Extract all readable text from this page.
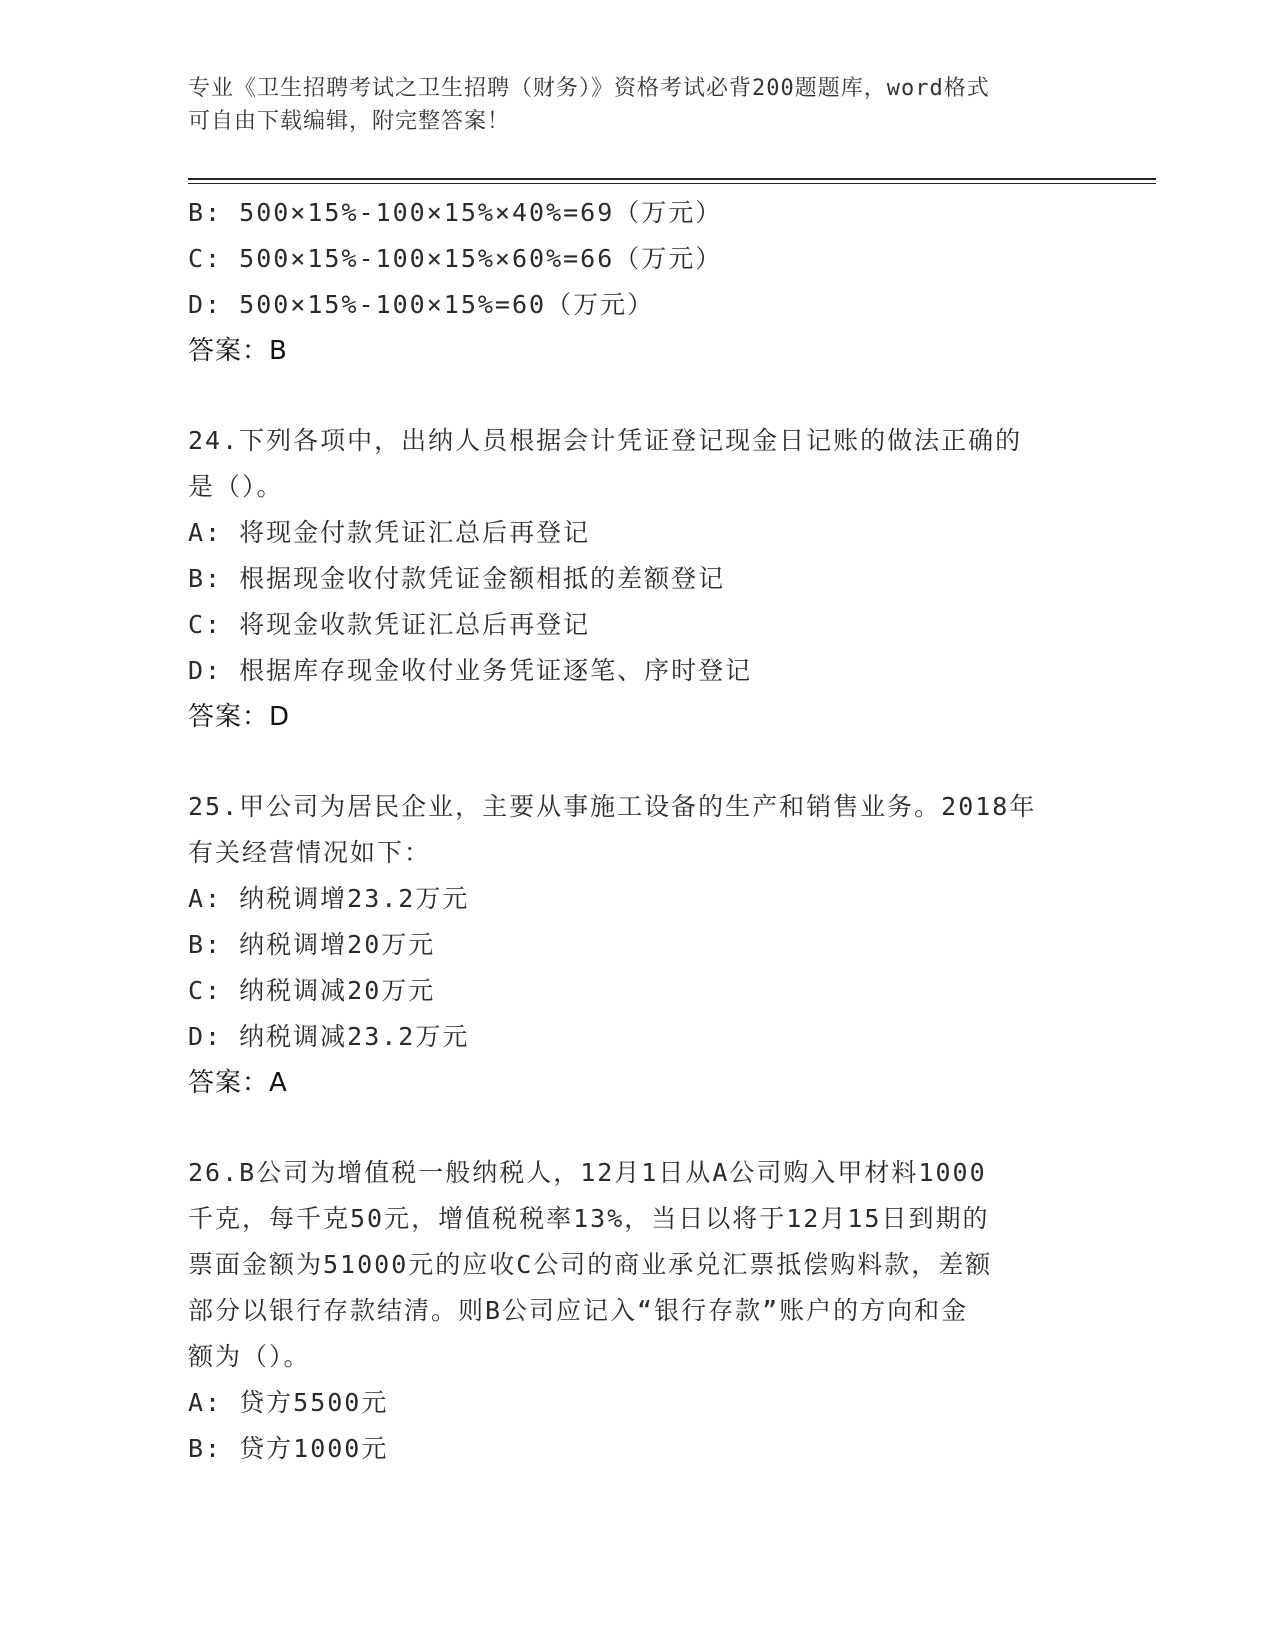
专业《卫生招聘考试之卫生招聘（财务）》资格考试必背200题题库，word格式
可自由下载编辑，附完整答案！
B: 500×15%-100×15%×40%=69（万元）
C: 500×15%-100×15%×60%=66（万元）
D: 500×15%-100×15%=60（万元）
答案：B
24.下列各项中，出纳人员根据会计凭证登记现金日记账的做法正确的
是（）。
A: 将现金付款凭证汇总后再登记
B: 根据现金收付款凭证金额相抵的差额登记
C: 将现金收款凭证汇总后再登记
D: 根据库存现金收付业务凭证逐笔、序时登记
答案：D
25.甲公司为居民企业，主要从事施工设备的生产和销售业务。2018年
有关经营情况如下：
A: 纳税调增23.2万元
B: 纳税调增20万元
C: 纳税调减20万元
D: 纳税调减23.2万元
答案：A
26.B公司为增值税一般纳税人，12月1日从A公司购入甲材料1000
千克，每千克50元，增值税税率13%，当日以将于12月15日到期的
票面金额为51000元的应收C公司的商业承兑汇票抵偿购料款，差额
部分以银行存款结清。则B公司应记入“银行存款”账户的方向和金
额为（）。
A: 贷方5500元
B: 贷方1000元
